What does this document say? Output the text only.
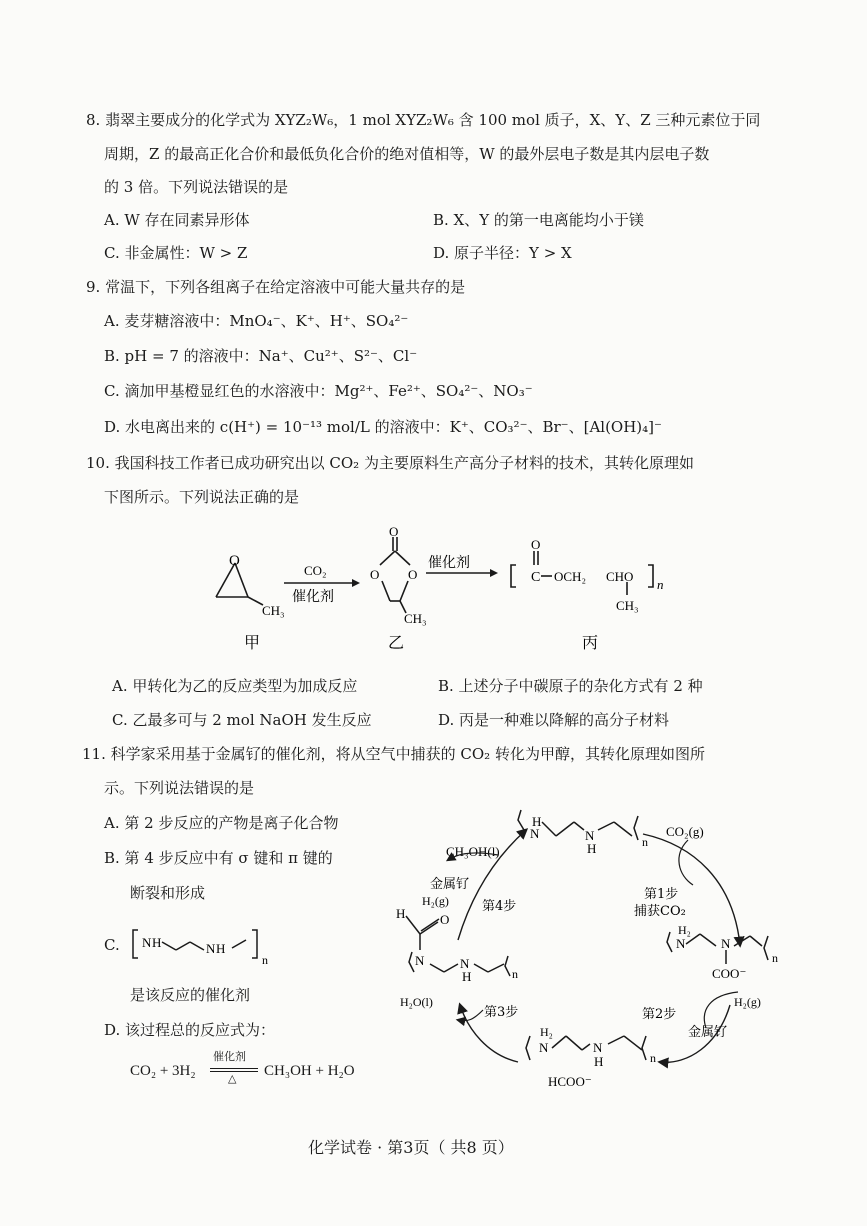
8. 翡翠主要成分的化学式为 XYZ₂W₆，1 mol XYZ₂W₆ 含 100 mol 质子，X、Y、Z 三种元素位于同
周期，Z 的最高正化合价和最低负化合价的绝对值相等，W 的最外层电子数是其内层电子数
的 3 倍。下列说法错误的是
A. W 存在同素异形体	B. X、Y 的第一电离能均小于镁
C. 非金属性：W > Z	D. 原子半径：Y > X
9. 常温下，下列各组离子在给定溶液中可能大量共存的是
A. 麦芽糖溶液中：MnO₄⁻、K⁺、H⁺、SO₄²⁻
B. pH = 7 的溶液中：Na⁺、Cu²⁺、S²⁻、Cl⁻
C. 滴加甲基橙显红色的水溶液中：Mg²⁺、Fe²⁺、SO₄²⁻、NO₃⁻
D. 水电离出来的 c(H⁺) = 10⁻¹³ mol/L 的溶液中：K⁺、CO₃²⁻、Br⁻、[Al(OH)₄]⁻
10. 我国科技工作者已成功研究出以 CO₂ 为主要原料生产高分子材料的技术，其转化原理如
下图所示。下列说法正确的是
O
CH₃
甲
CO₂
催化剂
O
O O
CH₃
乙
催化剂
O
C OCH₂ CHO
CH₃
n
丙
A. 甲转化为乙的反应类型为加成反应	B. 上述分子中碳原子的杂化方式有 2 种
C. 乙最多可与 2 mol NaOH 发生反应	D. 丙是一种难以降解的高分子材料
11. 科学家采用基于金属钌的催化剂，将从空气中捕获的 CO₂ 转化为甲醇，其转化原理如图所
示。下列说法错误的是
A. 第 2 步反应的产物是离子化合物
B. 第 4 步反应中有 σ 键和 π 键的
断裂和形成
C. N H	N H
n
是该反应的催化剂
D. 该过程总的反应式为：
CO₂ + 3H₂
催化剂
△ CH₃OH + H₂O
H
N	N
H	n
CH₃OH(l)
CO₂(g)
金属钌
H₂(g)	第4步
第1步
捕获CO₂
第2步
H₂(g)
金属钌
第3步
H₂O(l)
H	O
N	N
H	n
H₂
N	N
n
COO⁻
H₂
N	N
H	n
HCOO⁻
化学试卷 · 第3页（ 共8 页）
